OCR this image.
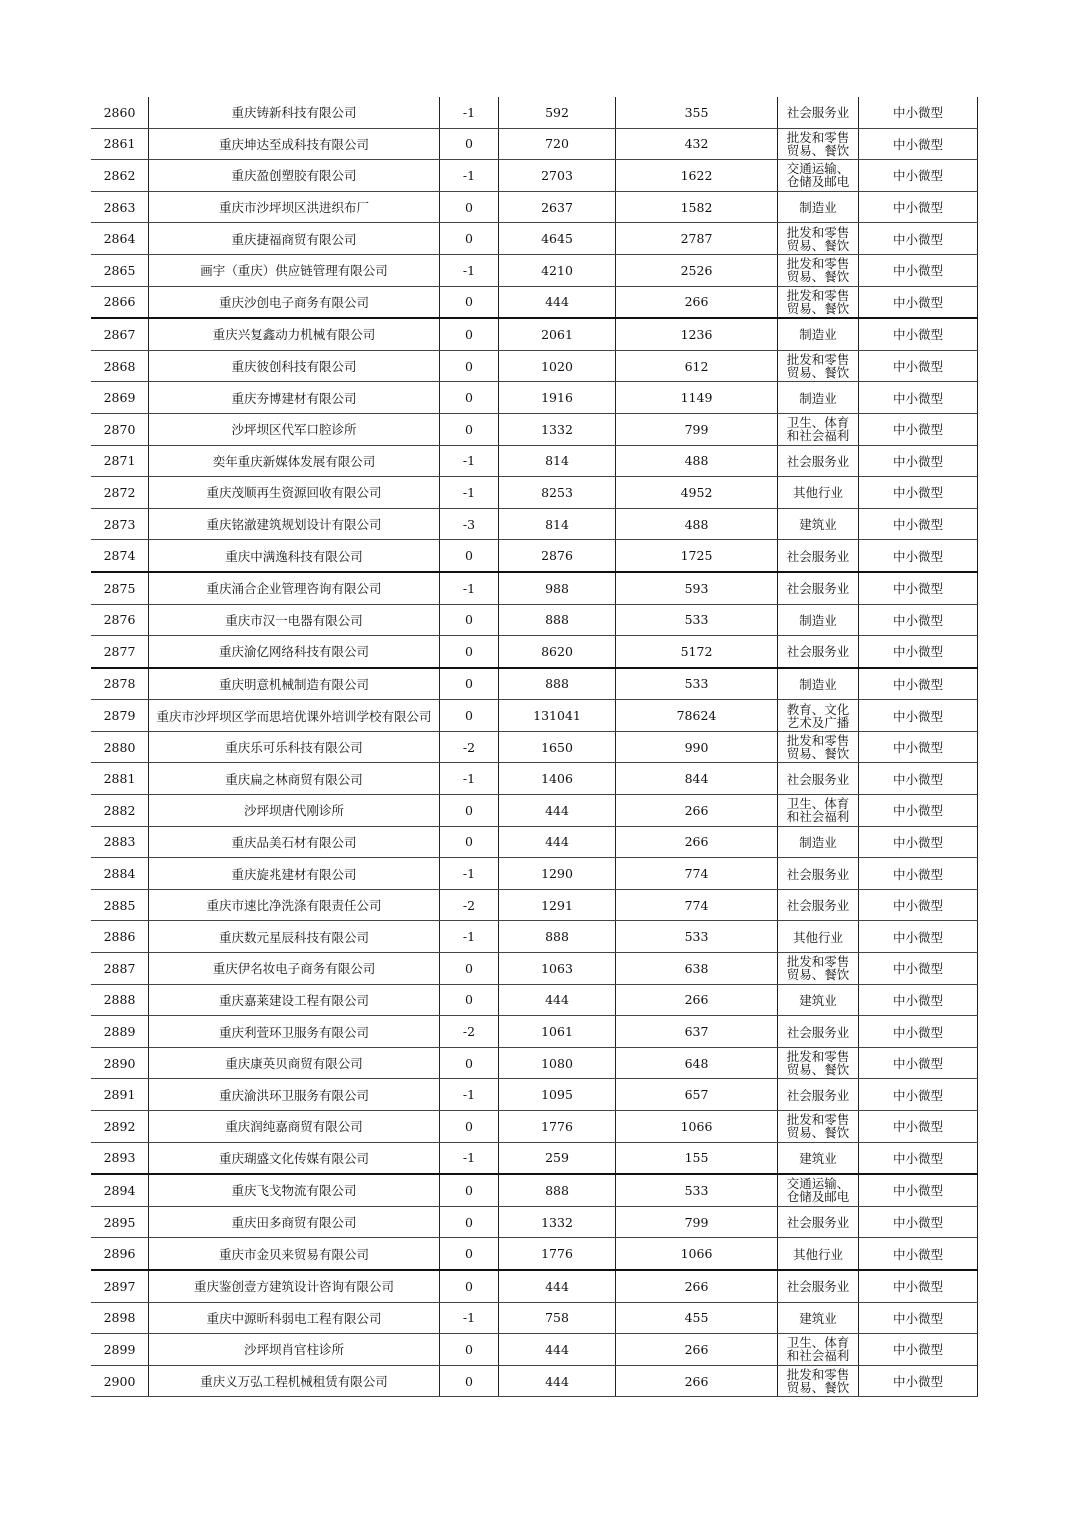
2860	重庆铸新科技有限公司	-1	592	355	社会服务业	中小微型
2861	重庆坤达至成科技有限公司	0	720	432	批发和零售贸易、餐饮	中小微型
2862	重庆盈创塑胶有限公司	-1	2703	1622	交通运输、仓储及邮电	中小微型
2863	重庆市沙坪坝区洪进织布厂	0	2637	1582	制造业	中小微型
2864	重庆捷福商贸有限公司	0	4645	2787	批发和零售贸易、餐饮	中小微型
2865	画宇（重庆）供应链管理有限公司	-1	4210	2526	批发和零售贸易、餐饮	中小微型
2866	重庆沙创电子商务有限公司	0	444	266	批发和零售贸易、餐饮	中小微型
2867	重庆兴复鑫动力机械有限公司	0	2061	1236	制造业	中小微型
2868	重庆彼创科技有限公司	0	1020	612	批发和零售贸易、餐饮	中小微型
2869	重庆夯博建材有限公司	0	1916	1149	制造业	中小微型
2870	沙坪坝区代军口腔诊所	0	1332	799	卫生、体育和社会福利	中小微型
2871	奕年重庆新媒体发展有限公司	-1	814	488	社会服务业	中小微型
2872	重庆茂顺再生资源回收有限公司	-1	8253	4952	其他行业	中小微型
2873	重庆铭澈建筑规划设计有限公司	-3	814	488	建筑业	中小微型
2874	重庆中满逸科技有限公司	0	2876	1725	社会服务业	中小微型
2875	重庆涌合企业管理咨询有限公司	-1	988	593	社会服务业	中小微型
2876	重庆市汉一电器有限公司	0	888	533	制造业	中小微型
2877	重庆渝亿网络科技有限公司	0	8620	5172	社会服务业	中小微型
2878	重庆明意机械制造有限公司	0	888	533	制造业	中小微型
2879	重庆市沙坪坝区学而思培优课外培训学校有限公司	0	131041	78624	教育、文化艺术及广播	中小微型
2880	重庆乐可乐科技有限公司	-2	1650	990	批发和零售贸易、餐饮	中小微型
2881	重庆扁之林商贸有限公司	-1	1406	844	社会服务业	中小微型
2882	沙坪坝唐代刚诊所	0	444	266	卫生、体育和社会福利	中小微型
2883	重庆品美石材有限公司	0	444	266	制造业	中小微型
2884	重庆旋兆建材有限公司	-1	1290	774	社会服务业	中小微型
2885	重庆市速比净洗涤有限责任公司	-2	1291	774	社会服务业	中小微型
2886	重庆数元星辰科技有限公司	-1	888	533	其他行业	中小微型
2887	重庆伊名妆电子商务有限公司	0	1063	638	批发和零售贸易、餐饮	中小微型
2888	重庆嘉莱建设工程有限公司	0	444	266	建筑业	中小微型
2889	重庆利萱环卫服务有限公司	-2	1061	637	社会服务业	中小微型
2890	重庆康英贝商贸有限公司	0	1080	648	批发和零售贸易、餐饮	中小微型
2891	重庆渝洪环卫服务有限公司	-1	1095	657	社会服务业	中小微型
2892	重庆润纯嘉商贸有限公司	0	1776	1066	批发和零售贸易、餐饮	中小微型
2893	重庆瑚盛文化传媒有限公司	-1	259	155	建筑业	中小微型
2894	重庆飞戈物流有限公司	0	888	533	交通运输、仓储及邮电	中小微型
2895	重庆田多商贸有限公司	0	1332	799	社会服务业	中小微型
2896	重庆市金贝来贸易有限公司	0	1776	1066	其他行业	中小微型
2897	重庆鉴创壹方建筑设计咨询有限公司	0	444	266	社会服务业	中小微型
2898	重庆中源昕科弱电工程有限公司	-1	758	455	建筑业	中小微型
2899	沙坪坝肖官柱诊所	0	444	266	卫生、体育和社会福利	中小微型
2900	重庆义万弘工程机械租赁有限公司	0	444	266	批发和零售贸易、餐饮	中小微型
